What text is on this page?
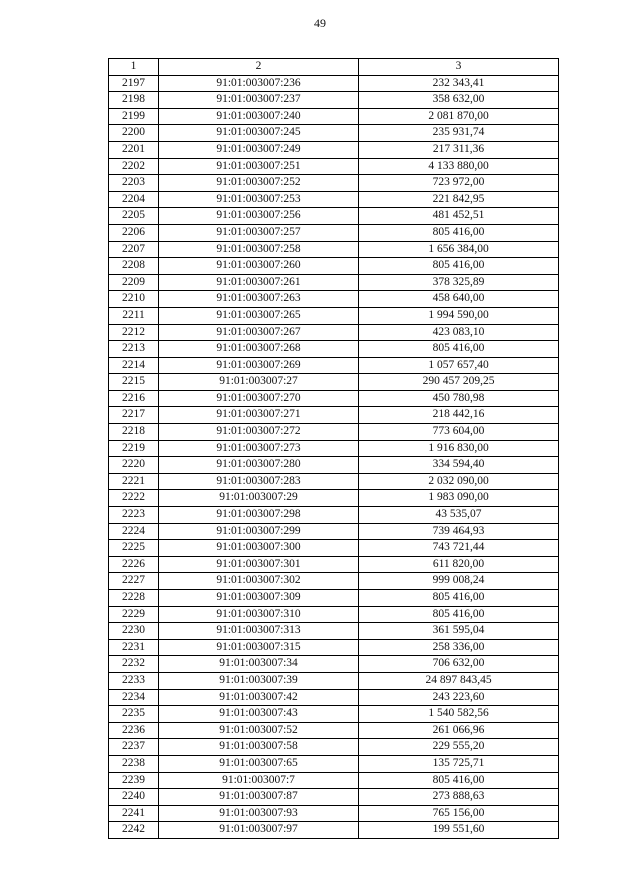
49
1	2	3
2197	91:01:003007:236	232 343,41
2198	91:01:003007:237	358 632,00
2199	91:01:003007:240	2 081 870,00
2200	91:01:003007:245	235 931,74
2201	91:01:003007:249	217 311,36
2202	91:01:003007:251	4 133 880,00
2203	91:01:003007:252	723 972,00
2204	91:01:003007:253	221 842,95
2205	91:01:003007:256	481 452,51
2206	91:01:003007:257	805 416,00
2207	91:01:003007:258	1 656 384,00
2208	91:01:003007:260	805 416,00
2209	91:01:003007:261	378 325,89
2210	91:01:003007:263	458 640,00
2211	91:01:003007:265	1 994 590,00
2212	91:01:003007:267	423 083,10
2213	91:01:003007:268	805 416,00
2214	91:01:003007:269	1 057 657,40
2215	91:01:003007:27	290 457 209,25
2216	91:01:003007:270	450 780,98
2217	91:01:003007:271	218 442,16
2218	91:01:003007:272	773 604,00
2219	91:01:003007:273	1 916 830,00
2220	91:01:003007:280	334 594,40
2221	91:01:003007:283	2 032 090,00
2222	91:01:003007:29	1 983 090,00
2223	91:01:003007:298	43 535,07
2224	91:01:003007:299	739 464,93
2225	91:01:003007:300	743 721,44
2226	91:01:003007:301	611 820,00
2227	91:01:003007:302	999 008,24
2228	91:01:003007:309	805 416,00
2229	91:01:003007:310	805 416,00
2230	91:01:003007:313	361 595,04
2231	91:01:003007:315	258 336,00
2232	91:01:003007:34	706 632,00
2233	91:01:003007:39	24 897 843,45
2234	91:01:003007:42	243 223,60
2235	91:01:003007:43	1 540 582,56
2236	91:01:003007:52	261 066,96
2237	91:01:003007:58	229 555,20
2238	91:01:003007:65	135 725,71
2239	91:01:003007:7	805 416,00
2240	91:01:003007:87	273 888,63
2241	91:01:003007:93	765 156,00
2242	91:01:003007:97	199 551,60
